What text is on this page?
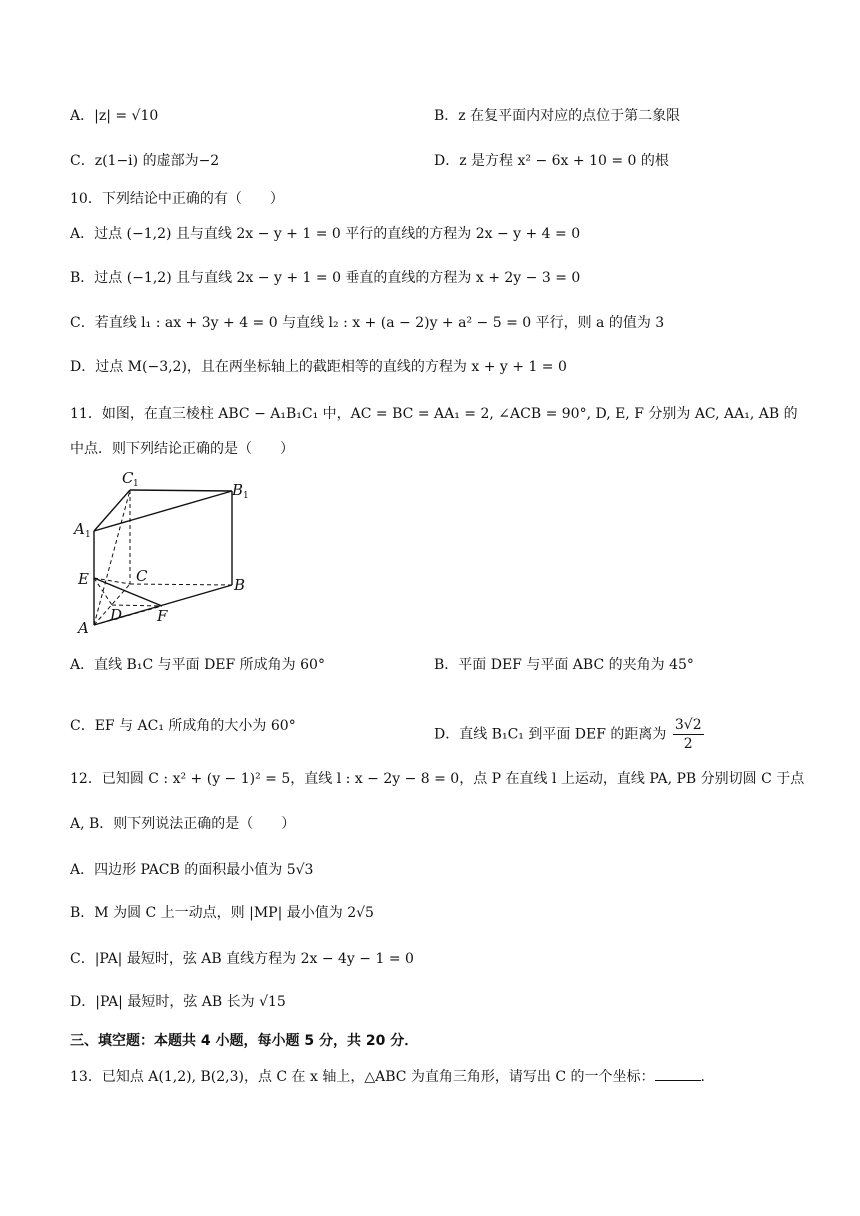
A．|z| = √10	B．z 在复平面内对应的点位于第二象限
C．z(1−i) 的虚部为−2	D．z 是方程 x² − 6x + 10 = 0 的根
10．下列结论中正确的有（　　）
A．过点 (−1,2) 且与直线 2x − y + 1 = 0 平行的直线的方程为 2x − y + 4 = 0
B．过点 (−1,2) 且与直线 2x − y + 1 = 0 垂直的直线的方程为 x + 2y − 3 = 0
C．若直线 l₁ : ax + 3y + 4 = 0 与直线 l₂ : x + (a − 2)y + a² − 5 = 0 平行，则 a 的值为 3
D．过点 M(−3,2)，且在两坐标轴上的截距相等的直线的方程为 x + y + 1 = 0
11．如图，在直三棱柱 ABC − A₁B₁C₁ 中，AC = BC = AA₁ = 2, ∠ACB = 90°, D, E, F 分别为 AC, AA₁, AB 的
中点．则下列结论正确的是（　　）
C 1	B 1
A 1
E	C	B
D F
A
A．直线 B₁C 与平面 DEF 所成角为 60°	B．平面 DEF 与平面 ABC 的夹角为 45°
C．EF 与 AC₁ 所成角的大小为 60°
D．直线 B₁C₁ 到平面 DEF 的距离为 $\frac{3√2}{2}$
12．已知圆 C : x² + (y − 1)² = 5，直线 l : x − 2y − 8 = 0，点 P 在直线 l 上运动，直线 PA, PB 分别切圆 C 于点
A, B．则下列说法正确的是（　　）
A．四边形 PACB 的面积最小值为 5√3
B．M 为圆 C 上一动点，则 |MP| 最小值为 2√5
C．|PA| 最短时，弦 AB 直线方程为 2x − 4y − 1 = 0
D．|PA| 最短时，弦 AB 长为 √15
三、填空题：本题共 4 小题，每小题 5 分，共 20 分．
13．已知点 A(1,2), B(2,3)，点 C 在 x 轴上，△ABC 为直角三角形，请写出 C 的一个坐标：	.
